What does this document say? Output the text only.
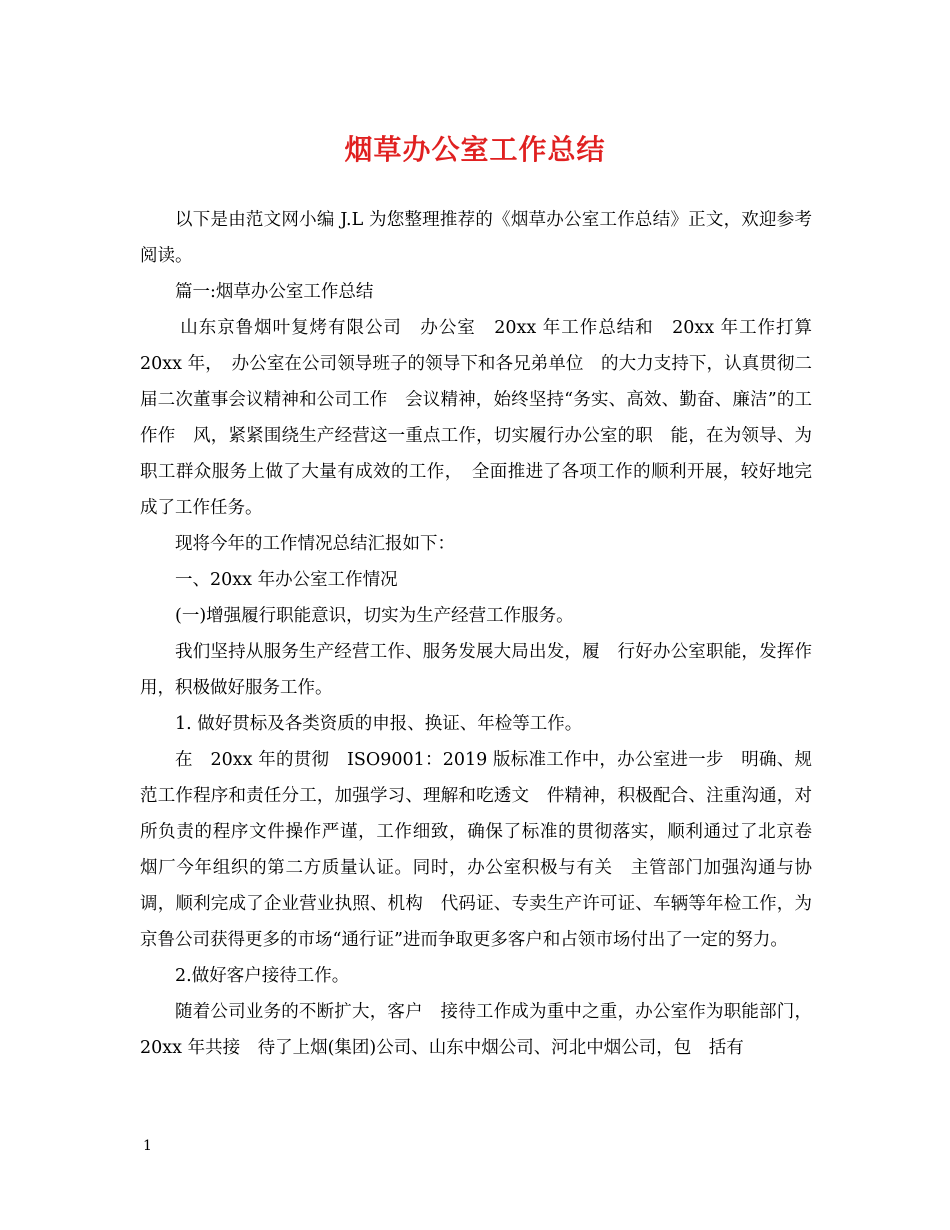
烟草办公室工作总结

以下是由范文网小编 J.L 为您整理推荐的《烟草办公室工作总结》正文，欢迎参考阅读。

篇一:烟草办公室工作总结

山东京鲁烟叶复烤有限公司　办公室　20xx 年工作总结和　20xx 年工作打算 20xx 年，　办公室在公司领导班子的领导下和各兄弟单位　的大力支持下，认真贯彻二届二次董事会议精神和公司工作　会议精神，始终坚持“务实、高效、勤奋、廉洁”的工作作　风，紧紧围绕生产经营这一重点工作，切实履行办公室的职　能，在为领导、为职工群众服务上做了大量有成效的工作，　全面推进了各项工作的顺利开展，较好地完成了工作任务。

现将今年的工作情况总结汇报如下：

一、20xx 年办公室工作情况

(一)增强履行职能意识，切实为生产经营工作服务。

我们坚持从服务生产经营工作、服务发展大局出发，履　行好办公室职能，发挥作用，积极做好服务工作。

1. 做好贯标及各类资质的申报、换证、年检等工作。

在　20xx 年的贯彻　ISO9001：2019 版标准工作中，办公室进一步　明确、规范工作程序和责任分工，加强学习、理解和吃透文　件精神，积极配合、注重沟通，对所负责的程序文件操作严谨，工作细致，确保了标准的贯彻落实，顺利通过了北京卷　烟厂今年组织的第二方质量认证。同时，办公室积极与有关　主管部门加强沟通与协调，顺利完成了企业营业执照、机构　代码证、专卖生产许可证、车辆等年检工作，为京鲁公司获得更多的市场“通行证”进而争取更多客户和占领市场付出了一定的努力。

2.做好客户接待工作。

随着公司业务的不断扩大，客户　接待工作成为重中之重，办公室作为职能部门，20xx 年共接　待了上烟(集团)公司、山东中烟公司、河北中烟公司，包　括有

1
